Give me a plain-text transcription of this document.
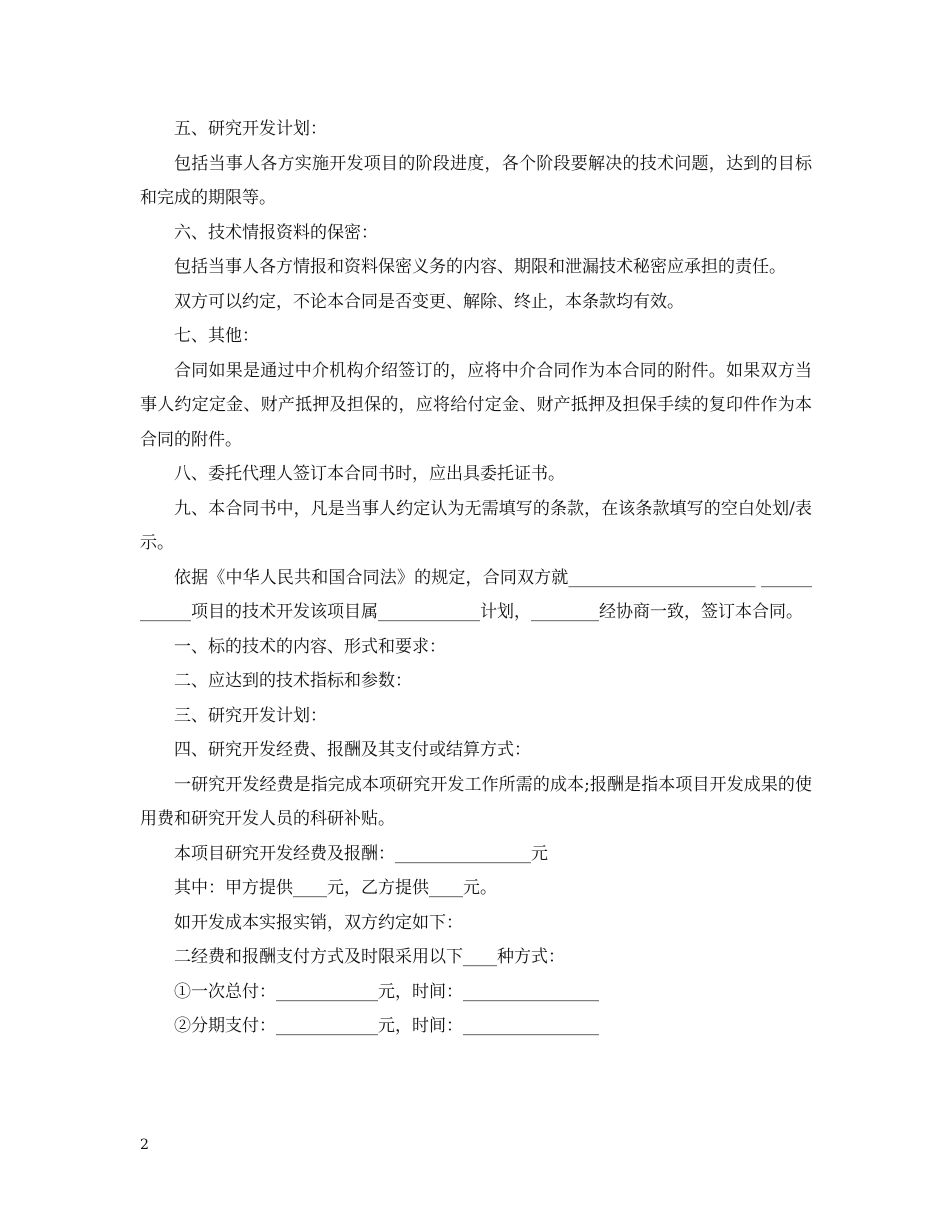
五、研究开发计划：

包括当事人各方实施开发项目的阶段进度，各个阶段要解决的技术问题，达到的目标和完成的期限等。

六、技术情报资料的保密：

包括当事人各方情报和资料保密义务的内容、期限和泄漏技术秘密应承担的责任。

双方可以约定，不论本合同是否变更、解除、终止，本条款均有效。

七、其他：

合同如果是通过中介机构介绍签订的，应将中介合同作为本合同的附件。如果双方当事人约定定金、财产抵押及担保的，应将给付定金、财产抵押及担保手续的复印件作为本合同的附件。

八、委托代理人签订本合同书时，应出具委托证书。

九、本合同书中，凡是当事人约定认为无需填写的条款，在该条款填写的空白处划/表示。

依据《中华人民共和国合同法》的规定，合同双方就______________________ ____________项目的技术开发该项目属____________计划，________经协商一致，签订本合同。

一、标的技术的内容、形式和要求：

二、应达到的技术指标和参数：

三、研究开发计划：

四、研究开发经费、报酬及其支付或结算方式：

一研究开发经费是指完成本项研究开发工作所需的成本;报酬是指本项目开发成果的使用费和研究开发人员的科研补贴。

本项目研究开发经费及报酬：________________元

其中：甲方提供____元，乙方提供____元。

如开发成本实报实销，双方约定如下：

二经费和报酬支付方式及时限采用以下____种方式：

①一次总付：____________元，时间：________________

②分期支付：____________元，时间：________________

2
